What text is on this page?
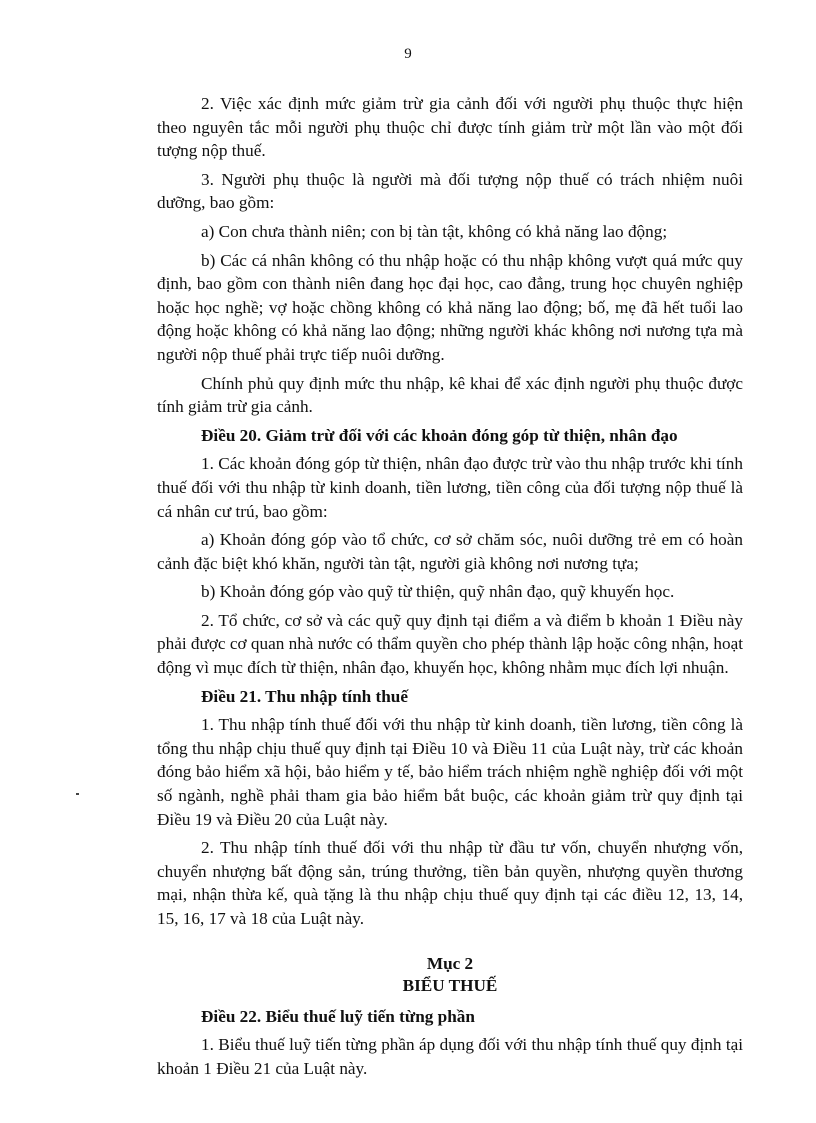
9

2. Việc xác định mức giảm trừ gia cảnh đối với người phụ thuộc thực hiện theo nguyên tắc mỗi người phụ thuộc chỉ được tính giảm trừ một lần vào một đối tượng nộp thuế.

3. Người phụ thuộc là người mà đối tượng nộp thuế có trách nhiệm nuôi dưỡng, bao gồm:

a) Con chưa thành niên; con bị tàn tật, không có khả năng lao động;

b) Các cá nhân không có thu nhập hoặc có thu nhập không vượt quá mức quy định, bao gồm con thành niên đang học đại học, cao đẳng, trung học chuyên nghiệp hoặc học nghề; vợ hoặc chồng không có khả năng lao động; bố, mẹ đã hết tuổi lao động hoặc không có khả năng lao động; những người khác không nơi nương tựa mà người nộp thuế phải trực tiếp nuôi dưỡng.

Chính phủ quy định mức thu nhập, kê khai để xác định người phụ thuộc được tính giảm trừ gia cảnh.

Điều 20. Giảm trừ đối với các khoản đóng góp từ thiện, nhân đạo

1. Các khoản đóng góp từ thiện, nhân đạo được trừ vào thu nhập trước khi tính thuế đối với thu nhập từ kinh doanh, tiền lương, tiền công của đối tượng nộp thuế là cá nhân cư trú, bao gồm:

a) Khoản đóng góp vào tổ chức, cơ sở chăm sóc, nuôi dưỡng trẻ em có hoàn cảnh đặc biệt khó khăn, người tàn tật, người già không nơi nương tựa;

b) Khoản đóng góp vào quỹ từ thiện, quỹ nhân đạo, quỹ khuyến học.

2. Tổ chức, cơ sở và các quỹ quy định tại điểm a và điểm b khoản 1 Điều này phải được cơ quan nhà nước có thẩm quyền cho phép thành lập hoặc công nhận, hoạt động vì mục đích từ thiện, nhân đạo, khuyến học, không nhằm mục đích lợi nhuận.

Điều 21. Thu nhập tính thuế

1. Thu nhập tính thuế đối với thu nhập từ kinh doanh, tiền lương, tiền công là tổng thu nhập chịu thuế quy định tại Điều 10 và Điều 11 của Luật này, trừ các khoản đóng bảo hiểm xã hội, bảo hiểm y tế, bảo hiểm trách nhiệm nghề nghiệp đối với một số ngành, nghề phải tham gia bảo hiểm bắt buộc, các khoản giảm trừ quy định tại Điều 19 và Điều 20 của Luật này.

2. Thu nhập tính thuế đối với thu nhập từ đầu tư vốn, chuyển nhượng vốn, chuyển nhượng bất động sản, trúng thưởng, tiền bản quyền, nhượng quyền thương mại, nhận thừa kế, quà tặng là thu nhập chịu thuế quy định tại các điều 12, 13, 14, 15, 16, 17 và 18 của Luật này.

Mục 2
BIỂU THUẾ

Điều 22. Biểu thuế luỹ tiến từng phần

1. Biểu thuế luỹ tiến từng phần áp dụng đối với thu nhập tính thuế quy định tại khoản 1 Điều 21 của Luật này.
